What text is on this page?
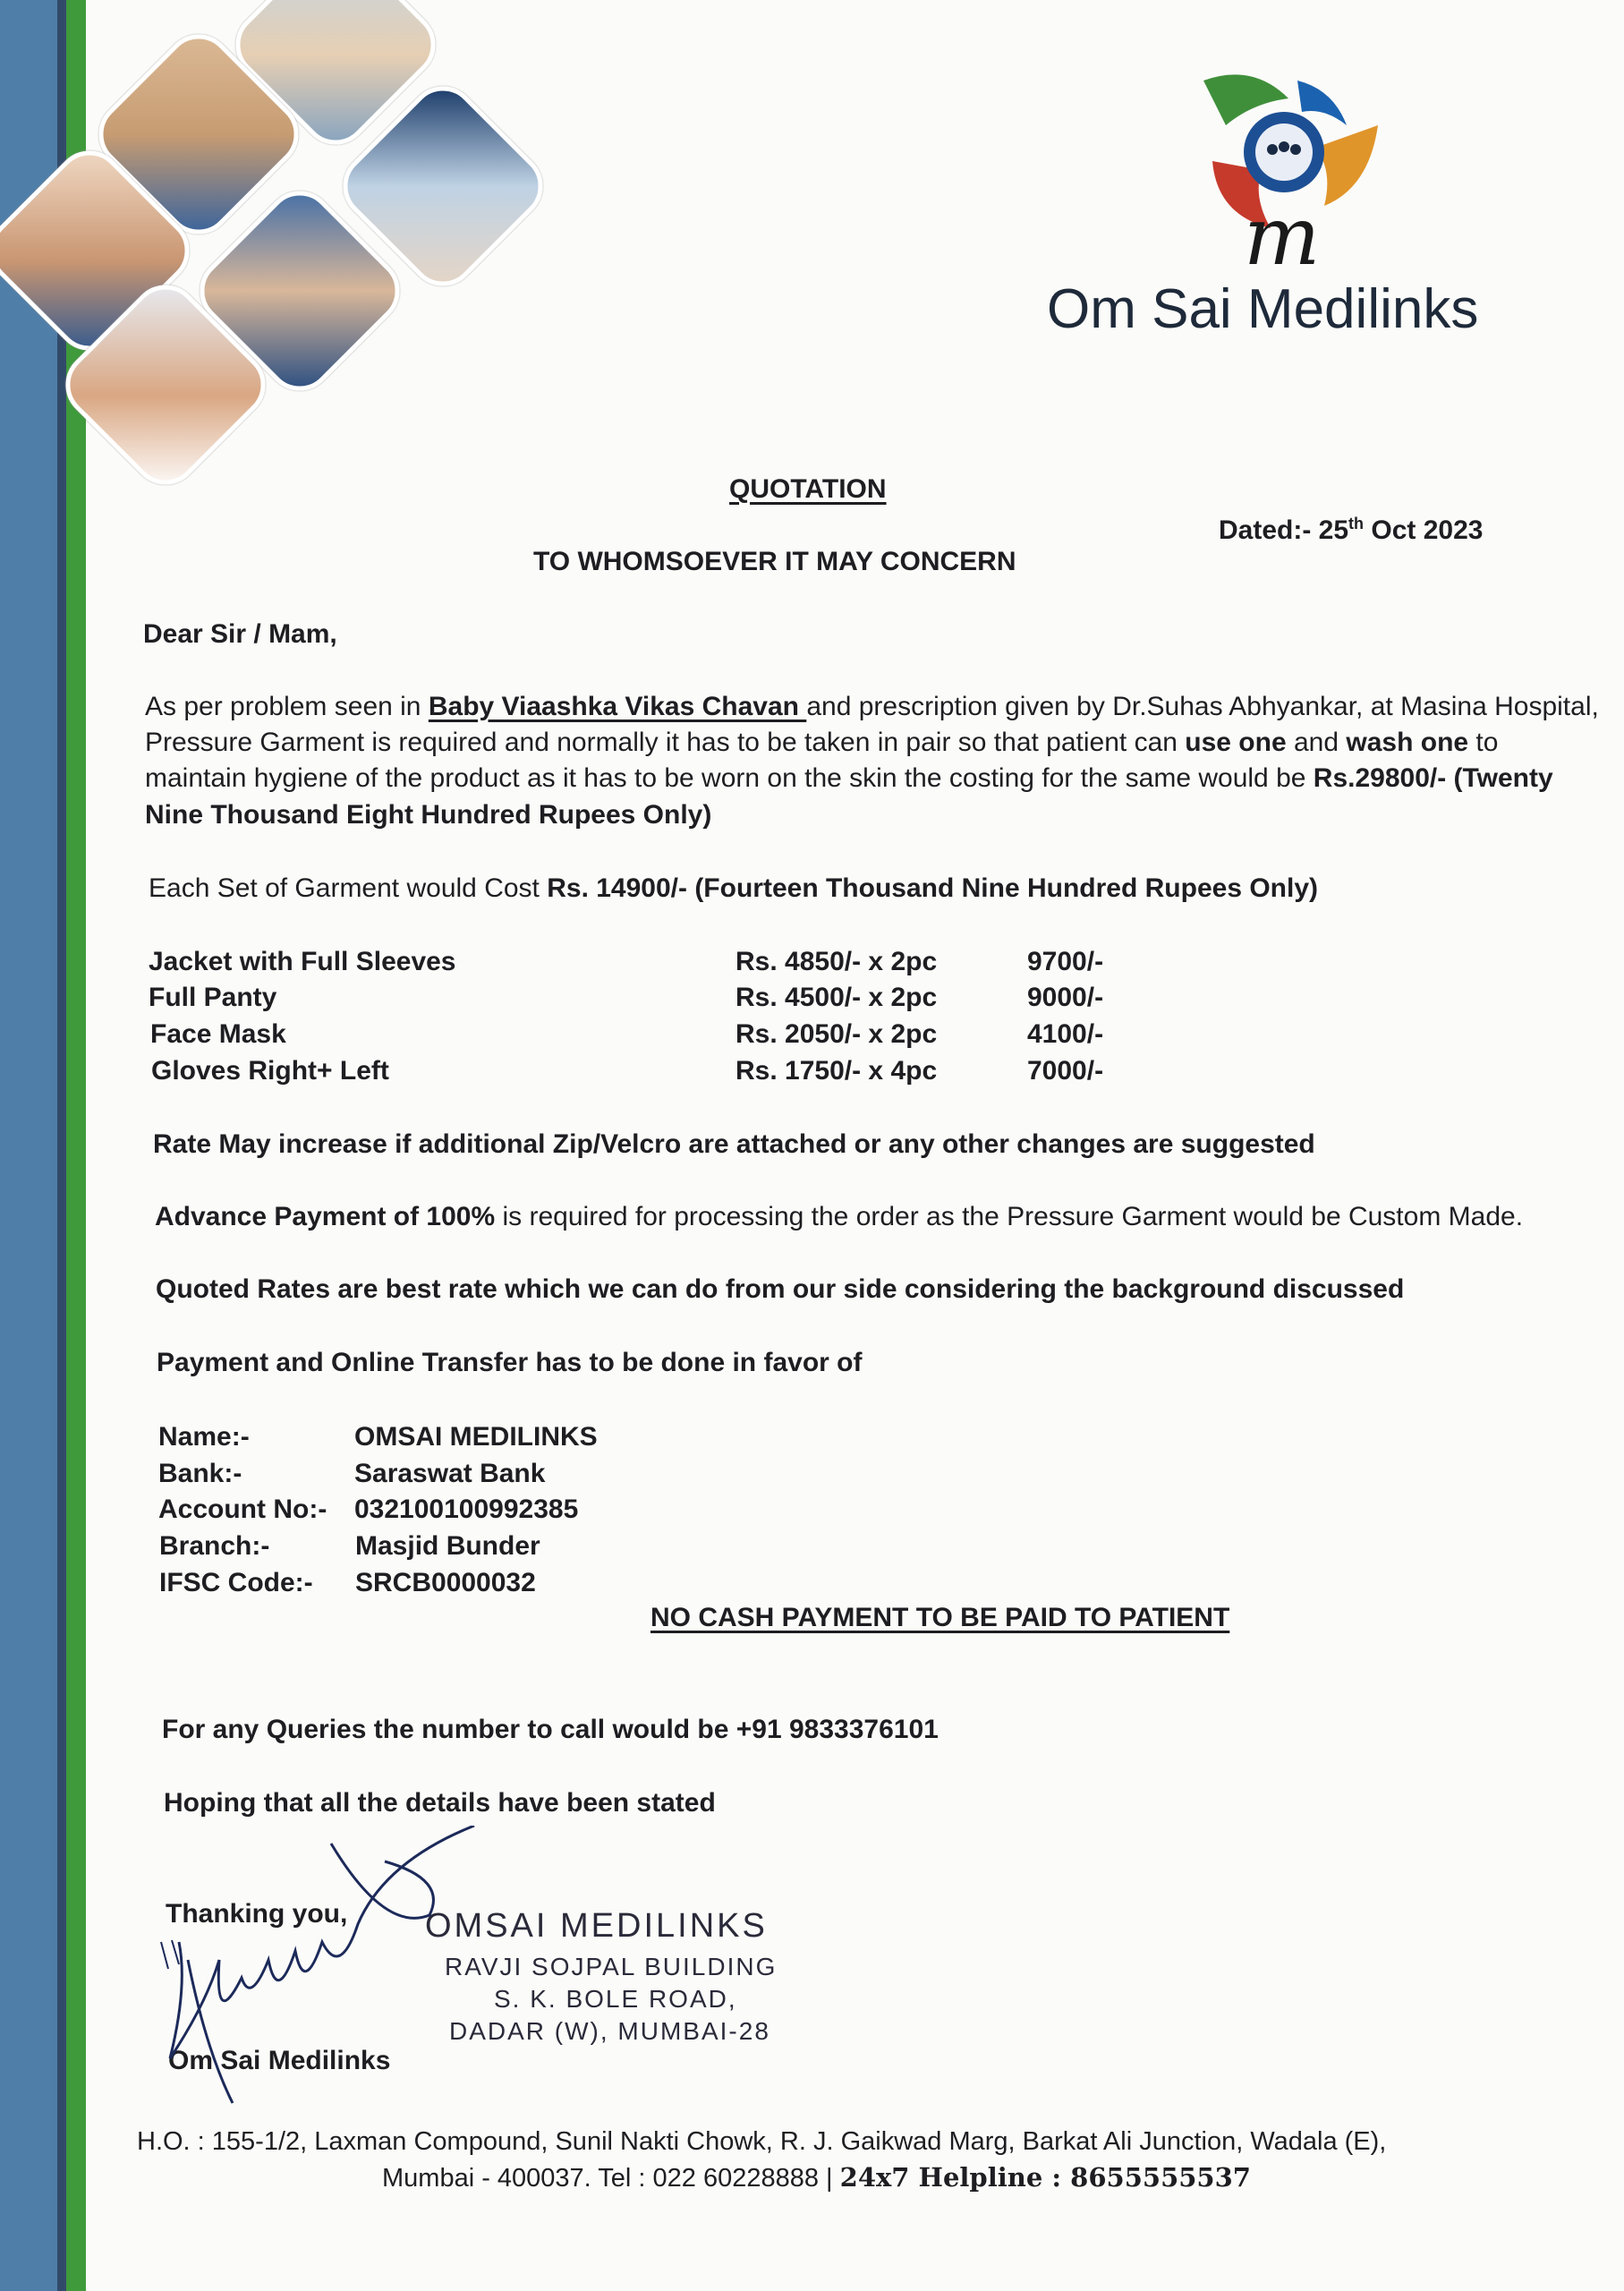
m
Om Sai Medilinks
QUOTATION
Dated:- 25th Oct 2023
TO WHOMSOEVER IT MAY CONCERN
Dear Sir / Mam,
As per problem seen in Baby Viaashka Vikas Chavan and prescription given by Dr.Suhas Abhyankar, at Masina Hospital,
Pressure Garment is required and normally it has to be taken in pair so that patient can use one and wash one to
maintain hygiene of the product as it has to be worn on the skin the costing for the same would be Rs.29800/- (Twenty
Nine Thousand Eight Hundred Rupees Only)
Each Set of Garment would Cost Rs. 14900/- (Fourteen Thousand Nine Hundred Rupees Only)
Jacket with Full Sleeves	Rs. 4850/- x 2pc	9700/-
Full Panty	Rs. 4500/- x 2pc	9000/-
Face Mask	Rs. 2050/- x 2pc	4100/-
Gloves Right+ Left	Rs. 1750/- x 4pc	7000/-
Rate May increase if additional Zip/Velcro are attached or any other changes are suggested
Advance Payment of 100% is required for processing the order as the Pressure Garment would be Custom Made.
Quoted Rates are best rate which we can do from our side considering the background discussed
Payment and Online Transfer has to be done in favor of
Name:-	OMSAI MEDILINKS
Bank:-	Saraswat Bank
Account No:- 032100100992385
Branch:-	Masjid Bunder
IFSC Code:- SRCB0000032
NO CASH PAYMENT TO BE PAID TO PATIENT
For any Queries the number to call would be +91 9833376101
Hoping that all the details have been stated
Thanking you,
Om Sai Medilinks
OMSAI MEDILINKS
RAVJI SOJPAL BUILDING
S. K. BOLE ROAD,
DADAR (W), MUMBAI-28
H.O. : 155-1/2, Laxman Compound, Sunil Nakti Chowk, R. J. Gaikwad Marg, Barkat Ali Junction, Wadala (E),
Mumbai - 400037. Tel : 022 60228888 | 24x7 Helpline : 8655555537
